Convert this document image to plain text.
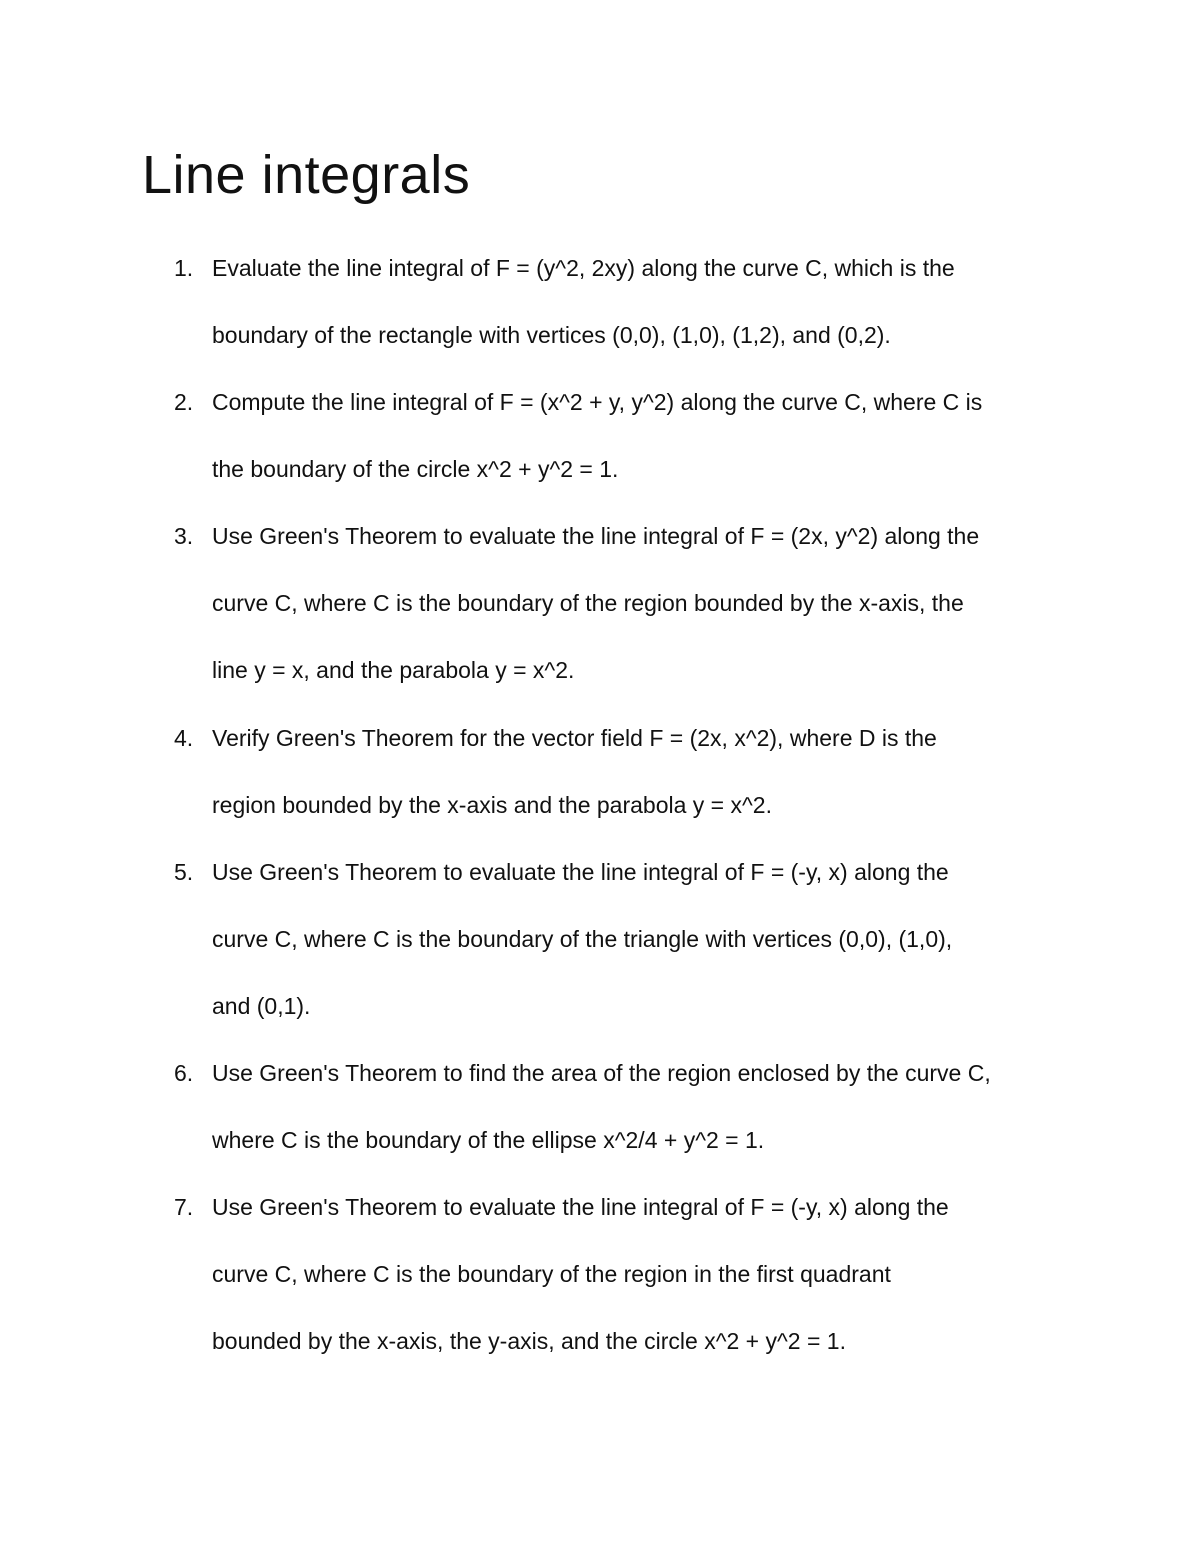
Line integrals
1. Evaluate the line integral of F = (y^2, 2xy) along the curve C, which is the
boundary of the rectangle with vertices (0,0), (1,0), (1,2), and (0,2).
2. Compute the line integral of F = (x^2 + y, y^2) along the curve C, where C is
the boundary of the circle x^2 + y^2 = 1.
3. Use Green's Theorem to evaluate the line integral of F = (2x, y^2) along the
curve C, where C is the boundary of the region bounded by the x-axis, the
line y = x, and the parabola y = x^2.
4. Verify Green's Theorem for the vector field F = (2x, x^2), where D is the
region bounded by the x-axis and the parabola y = x^2.
5. Use Green's Theorem to evaluate the line integral of F = (-y, x) along the
curve C, where C is the boundary of the triangle with vertices (0,0), (1,0),
and (0,1).
6. Use Green's Theorem to find the area of the region enclosed by the curve C,
where C is the boundary of the ellipse x^2/4 + y^2 = 1.
7. Use Green's Theorem to evaluate the line integral of F = (-y, x) along the
curve C, where C is the boundary of the region in the first quadrant
bounded by the x-axis, the y-axis, and the circle x^2 + y^2 = 1.
